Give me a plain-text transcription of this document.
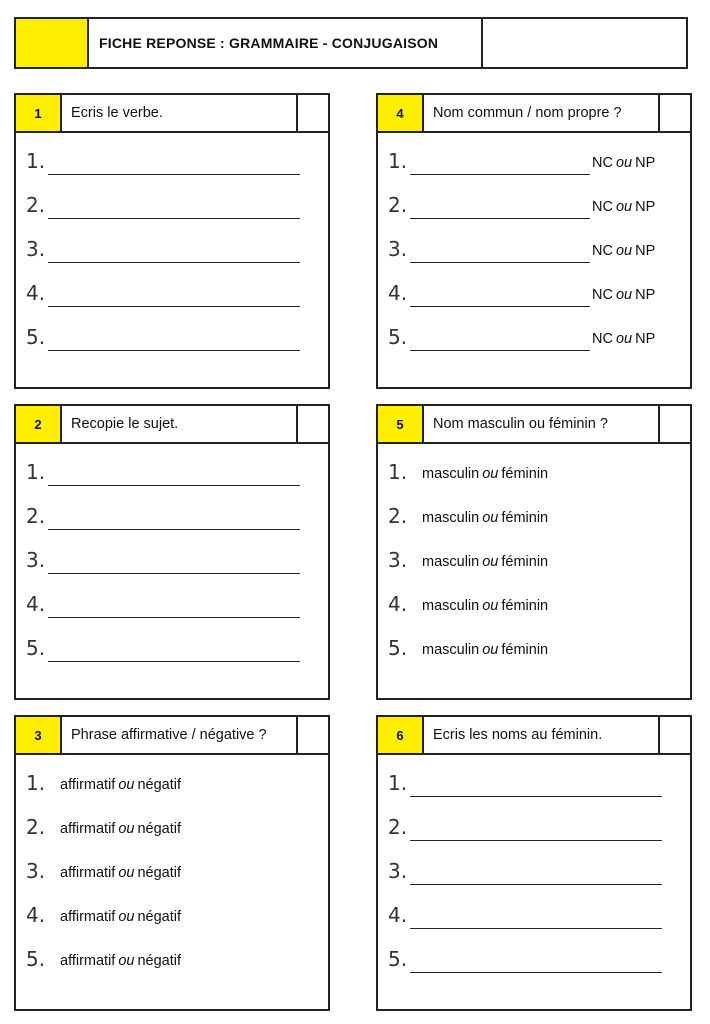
FICHE REPONSE : GRAMMAIRE - CONJUGAISON
1	Ecris le verbe.
1.
2.
3.
4.
5.
2	Recopie le sujet.
1.
2.
3.
4.
5.
3	Phrase affirmative / négative ?
1. affirmatif ou négatif
2. affirmatif ou négatif
3. affirmatif ou négatif
4. affirmatif ou négatif
5. affirmatif ou négatif
4	Nom commun / nom propre ?
1.	NC ou NP
2.	NC ou NP
3.	NC ou NP
4.	NC ou NP
5.	NC ou NP
5	Nom masculin ou féminin ?
1. masculin ou féminin
2. masculin ou féminin
3. masculin ou féminin
4. masculin ou féminin
5. masculin ou féminin
6	Ecris les noms au féminin.
1.
2.
3.
4.
5.
